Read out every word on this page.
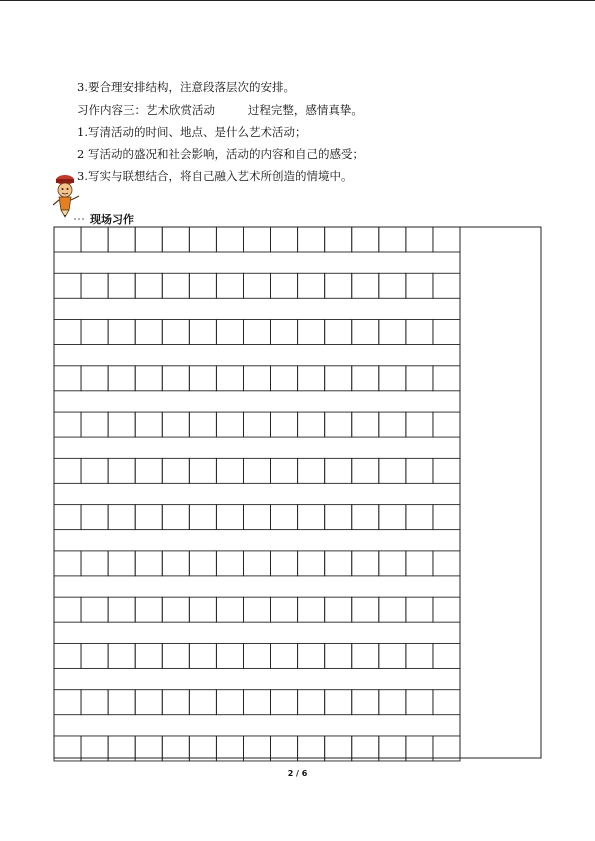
3.要合理安排结构，注意段落层次的安排。
习作内容三：艺术欣赏活动         过程完整，感情真挚。
1.写清活动的时间、地点、是什么艺术活动；
2 写活动的盛况和社会影响，活动的内容和自己的感受；
3.写实与联想结合，将自己融入艺术所创造的情境中。
现场习作
2 / 6
